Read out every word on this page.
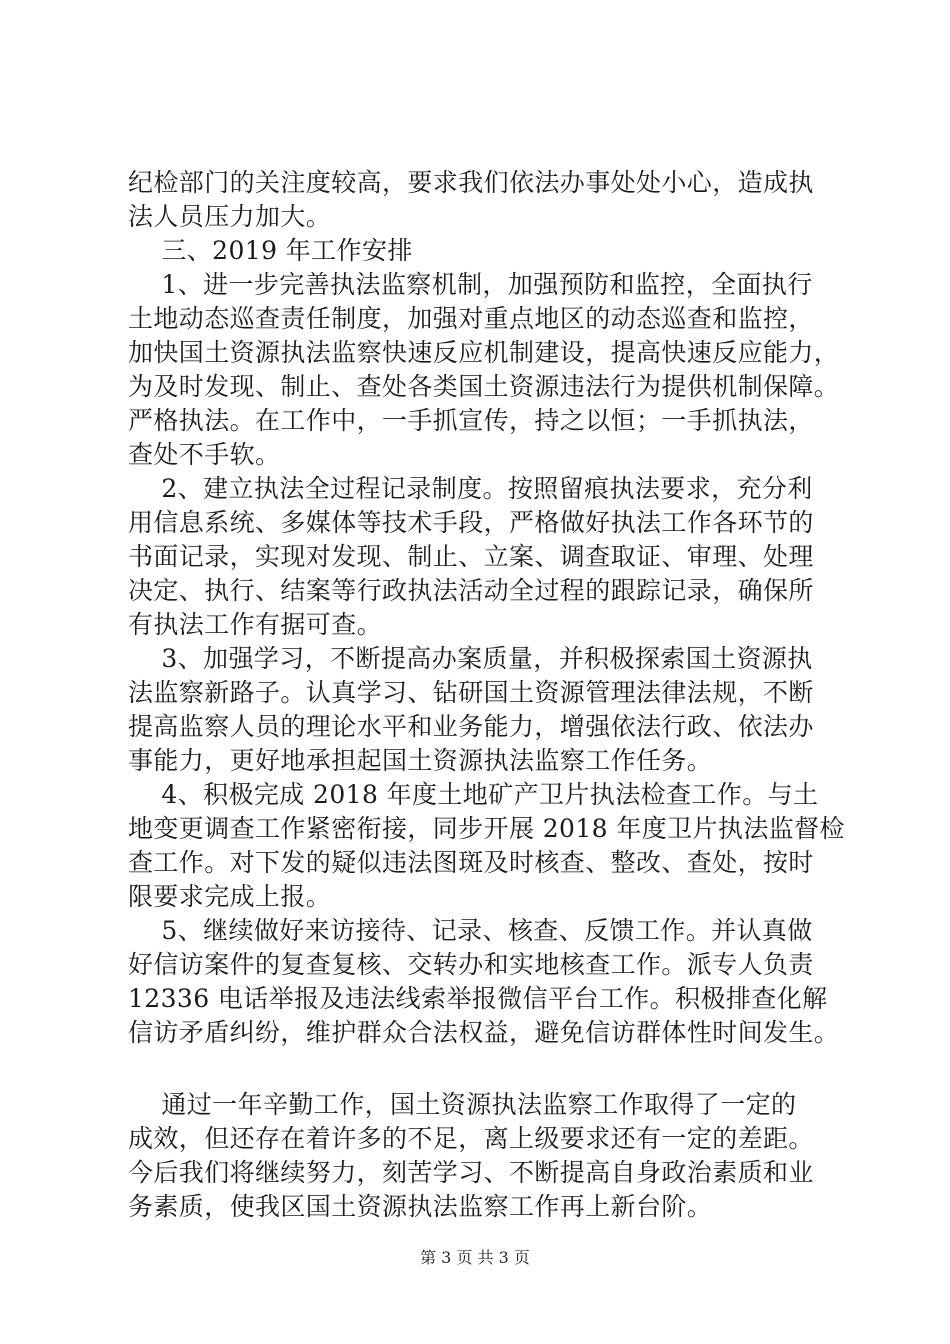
纪检部门的关注度较高，要求我们依法办事处处小心，造成执
法人员压力加大。
三、2019 年工作安排
1、进一步完善执法监察机制，加强预防和监控，全面执行
土地动态巡查责任制度，加强对重点地区的动态巡查和监控，
加快国土资源执法监察快速反应机制建设，提高快速反应能力，
为及时发现、制止、查处各类国土资源违法行为提供机制保障。
严格执法。在工作中，一手抓宣传，持之以恒；一手抓执法，
查处不手软。
2、建立执法全过程记录制度。按照留痕执法要求，充分利
用信息系统、多媒体等技术手段，严格做好执法工作各环节的
书面记录，实现对发现、制止、立案、调查取证、审理、处理
决定、执行、结案等行政执法活动全过程的跟踪记录，确保所
有执法工作有据可查。
3、加强学习，不断提高办案质量，并积极探索国土资源执
法监察新路子。认真学习、钻研国土资源管理法律法规，不断
提高监察人员的理论水平和业务能力，增强依法行政、依法办
事能力，更好地承担起国土资源执法监察工作任务。
4、积极完成 2018 年度土地矿产卫片执法检查工作。与土
地变更调查工作紧密衔接，同步开展 2018 年度卫片执法监督检
查工作。对下发的疑似违法图斑及时核查、整改、查处，按时
限要求完成上报。
5、继续做好来访接待、记录、核查、反馈工作。并认真做
好信访案件的复查复核、交转办和实地核查工作。派专人负责
12336 电话举报及违法线索举报微信平台工作。积极排查化解
信访矛盾纠纷，维护群众合法权益，避免信访群体性时间发生。
通过一年辛勤工作，国土资源执法监察工作取得了一定的
成效，但还存在着许多的不足，离上级要求还有一定的差距。
今后我们将继续努力，刻苦学习、不断提高自身政治素质和业
务素质，使我区国土资源执法监察工作再上新台阶。
第 3 页 共 3 页
